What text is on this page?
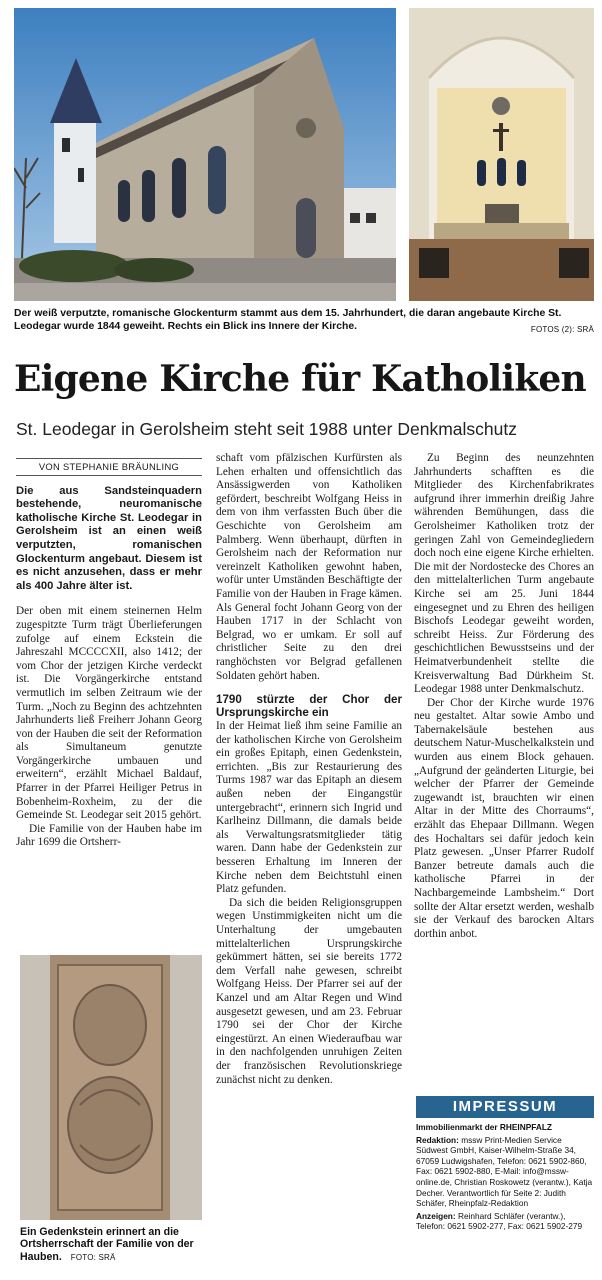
Der weiß verputzte, romanische Glockenturm stammt aus dem 15. Jahrhundert, die daran angebaute Kirche St. Leodegar wurde 1844 geweiht. Rechts ein Blick ins Innere der Kirche.	FOTOS (2): SRÄ
Eigene Kirche für Katholiken
St. Leodegar in Gerolsheim steht seit 1988 unter Denkmalschutz
VON STEPHANIE BRÄUNLING
Die aus Sandsteinquadern bestehende, neuromanische katholische Kirche St. Leodegar in Gerolsheim ist an einen weiß verputzten, romanischen Glockenturm angebaut. Diesem ist es nicht anzusehen, dass er mehr als 400 Jahre älter ist.

Der oben mit einem steinernen Helm zugespitzte Turm trägt Überlieferungen zufolge auf einem Eckstein die Jahreszahl MCCCCXII, also 1412; der vom Chor der jetzigen Kirche verdeckt ist. Die Vorgängerkirche entstand vermutlich im selben Zeitraum wie der Turm. „Noch zu Beginn des achtzehnten Jahrhunderts ließ Freiherr Johann Georg von der Hauben die seit der Reformation als Simultaneum genutzte Vorgängerkirche umbauen und erweitern“, erzählt Michael Baldauf, Pfarrer in der Pfarrei Heiliger Petrus in Bobenheim-Roxheim, zu der die Gemeinde St. Leodegar seit 2015 gehört.

Die Familie von der Hauben habe im Jahr 1699 die Ortsherr-

Ein Gedenkstein erinnert an die Ortsherrschaft der Familie von der Hauben. FOTO: SRÄ

schaft vom pfälzischen Kurfürsten als Lehen erhalten und offensichtlich das Ansässigwerden von Katholiken gefördert, beschreibt Wolfgang Heiss in dem von ihm verfassten Buch über die Geschichte von Gerolsheim am Palmberg. Wenn überhaupt, dürften in Gerolsheim nach der Reformation nur vereinzelt Katholiken gewohnt haben, wofür unter Umständen Beschäftigte der Familie von der Hauben in Frage kämen. Als General focht Johann Georg von der Hauben 1717 in der Schlacht von Belgrad, wo er umkam. Er soll auf christlicher Seite zu den drei ranghöchsten vor Belgrad gefallenen Soldaten gehört haben.

1790 stürzte der Chor der Ursprungskirche ein

In der Heimat ließ ihm seine Familie an der katholischen Kirche von Gerolsheim ein großes Epitaph, einen Gedenkstein, errichten. „Bis zur Restaurierung des Turms 1987 war das Epitaph an diesem außen neben der Eingangstür untergebracht“, erinnern sich Ingrid und Karlheinz Dillmann, die damals beide als Verwaltungsratsmitglieder tätig waren. Dann habe der Gedenkstein zur besseren Erhaltung im Inneren der Kirche neben dem Beichtstuhl einen Platz gefunden.

Da sich die beiden Religionsgruppen wegen Unstimmigkeiten nicht um die Unterhaltung der umgebauten mittelalterlichen Ursprungskirche gekümmert hätten, sei sie bereits 1772 dem Verfall nahe gewesen, schreibt Wolfgang Heiss. Der Pfarrer sei auf der Kanzel und am Altar Regen und Wind ausgesetzt gewesen, und am 23. Februar 1790 sei der Chor der Kirche eingestürzt. An einen Wiederaufbau war in den nachfolgenden unruhigen Zeiten der französischen Revolutionskriege zunächst nicht zu denken.

Zu Beginn des neunzehnten Jahrhunderts schafften es die Mitglieder des Kirchenfabrikrates aufgrund ihrer immerhin dreißig Jahre währenden Bemühungen, dass die Gerolsheimer Katholiken trotz der geringen Zahl von Gemeindegliedern doch noch eine eigene Kirche erhielten. Die mit der Nordostecke des Chores an den mittelalterlichen Turm angebaute Kirche sei am 25. Juni 1844 eingesegnet und zu Ehren des heiligen Bischofs Leodegar geweiht worden, schreibt Heiss. Zur Förderung des geschichtlichen Bewusstseins und der Heimatverbundenheit stellte die Kreisverwaltung Bad Dürkheim St. Leodegar 1988 unter Denkmalschutz.

Der Chor der Kirche wurde 1976 neu gestaltet. Altar sowie Ambo und Tabernakelsäule bestehen aus deutschem Natur-Muschelkalkstein und wurden aus einem Block gehauen. „Aufgrund der geänderten Liturgie, bei welcher der Pfarrer der Gemeinde zugewandt ist, brauchten wir einen Altar in der Mitte des Chorraums“, erzählt das Ehepaar Dillmann. Wegen des Hochaltars sei dafür jedoch kein Platz gewesen. „Unser Pfarrer Rudolf Banzer betreute damals auch die katholische Pfarrei in der Nachbargemeinde Lambsheim.“ Dort sollte der Altar ersetzt werden, weshalb sie der Verkauf des barocken Altars dorthin anbot.

IMPRESSUM

Immobilienmarkt der RHEINPFALZ

Redaktion: mssw Print-Medien Service Südwest GmbH, Kaiser-Wilhelm-Straße 34, 67059 Ludwigshafen, Telefon: 0621 5902-860, Fax: 0621 5902-880, E-Mail: info@mssw-online.de, Christian Roskowetz (verantw.), Katja Decher. Verantwortlich für Seite 2: Judith Schäfer, Rheinpfalz-Redaktion

Anzeigen: Reinhard Schläfer (verantw.), Telefon: 0621 5902-277, Fax: 0621 5902-279
